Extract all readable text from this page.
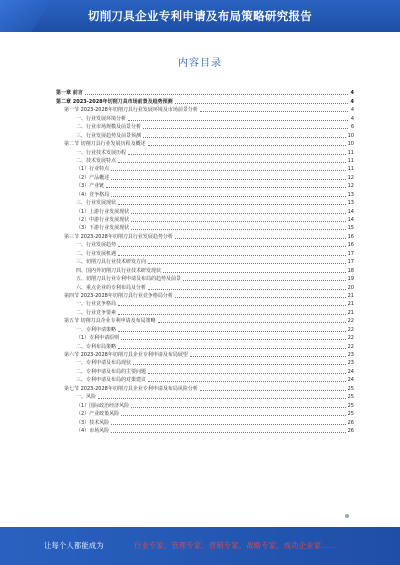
切削刀具企业专利申请及布局策略研究报告
内容目录
第一章 前言	4
第二章 2023-2028年切削刀具市场前景及趋势预测	4
第一节 2023-2028年切削刀具行业发展环境及市场前景分析	4
一、行业发展环境分析	4
二、行业市场规模及前景分析	6
三、行业发展趋势及前景预测	10
第二节 切削刀具行业发展历程及概述	10
一、行业技术发展历程	11
二、技术发展特点	11
（1）行业特点	11
（2）产品概述	12
（3）产业链	12
（4）竞争格局	13
三、行业发展现状	13
（1）上游行业发展现状	14
（2）中游行业发展现状	14
（3）下游行业发展现状	15
第三节 2023-2028年切削刀具行业发展趋势分析	16
一、行业发展趋势	16
二、行业发展机遇	17
三、切削刀具行业技术研发方向	17
四、国内外切削刀具行业技术研发现状	18
五、切削刀具行业专利申请及布局的趋势及前景	19
六、重点企业的专利布局及分析	20
第四节 2023-2028年切削刀具行业竞争格局分析	21
一、行业竞争格局	21
二、行业竞争要素	21
第五节 切削刀具企业专利申请及布局策略	22
一、专利申请策略	22
（1）专利申请原则	22
二、专利布局策略	22
第六节 2023-2028年切削刀具企业专利申请及布局展望	23
一、专利申请及布局现状	23
二、专利申请及布局的主要问题	24
三、专利申请及布局的对策建议	24
第七节 2023-2028年切削刀具企业专利申请及布局风险分析	25
一、风险	25
（1）国际政治经济风险	25
（2）产业政策风险	25
（3）技术风险	26
（4）市场风险	26
让每个人都能成为	行业专家、管理专家、营销专家、战略专家、成功企业家……
